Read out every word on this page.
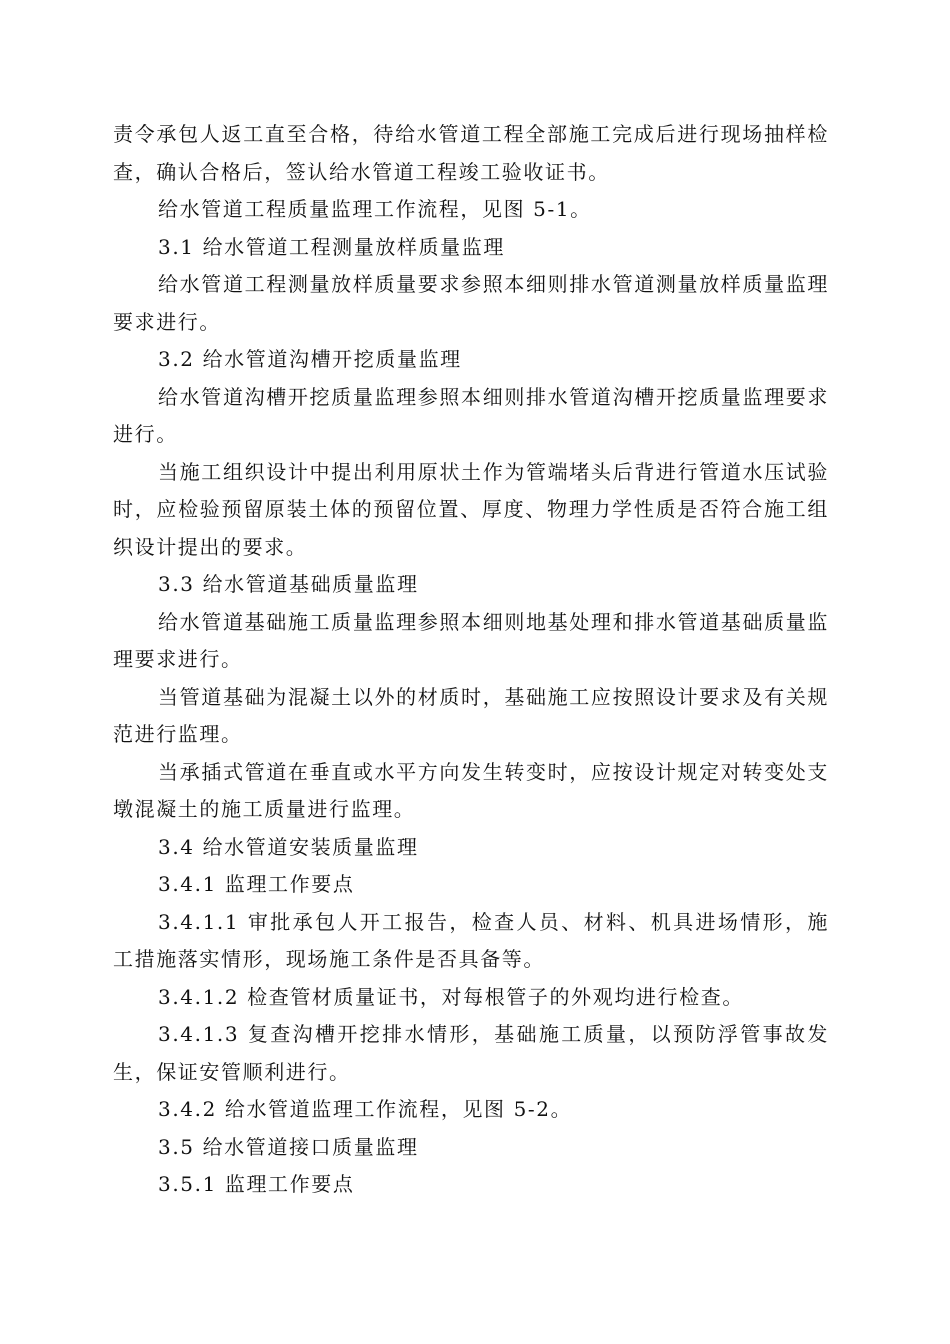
责令承包人返工直至合格，待给水管道工程全部施工完成后进行现场抽样检查，确认合格后，签认给水管道工程竣工验收证书。

给水管道工程质量监理工作流程，见图 5-1。

3.1 给水管道工程测量放样质量监理

给水管道工程测量放样质量要求参照本细则排水管道测量放样质量监理要求进行。

3.2 给水管道沟槽开挖质量监理

给水管道沟槽开挖质量监理参照本细则排水管道沟槽开挖质量监理要求进行。

当施工组织设计中提出利用原状土作为管端堵头后背进行管道水压试验时，应检验预留原装土体的预留位置、厚度、物理力学性质是否符合施工组织设计提出的要求。

3.3 给水管道基础质量监理

给水管道基础施工质量监理参照本细则地基处理和排水管道基础质量监理要求进行。

当管道基础为混凝土以外的材质时，基础施工应按照设计要求及有关规范进行监理。

当承插式管道在垂直或水平方向发生转变时，应按设计规定对转变处支墩混凝土的施工质量进行监理。

3.4 给水管道安装质量监理

3.4.1 监理工作要点

3.4.1.1 审批承包人开工报告，检查人员、材料、机具进场情形，施工措施落实情形，现场施工条件是否具备等。

3.4.1.2 检查管材质量证书，对每根管子的外观均进行检查。

3.4.1.3 复查沟槽开挖排水情形，基础施工质量，以预防浮管事故发生，保证安管顺利进行。

3.4.2 给水管道监理工作流程，见图 5-2。

3.5 给水管道接口质量监理

3.5.1 监理工作要点
